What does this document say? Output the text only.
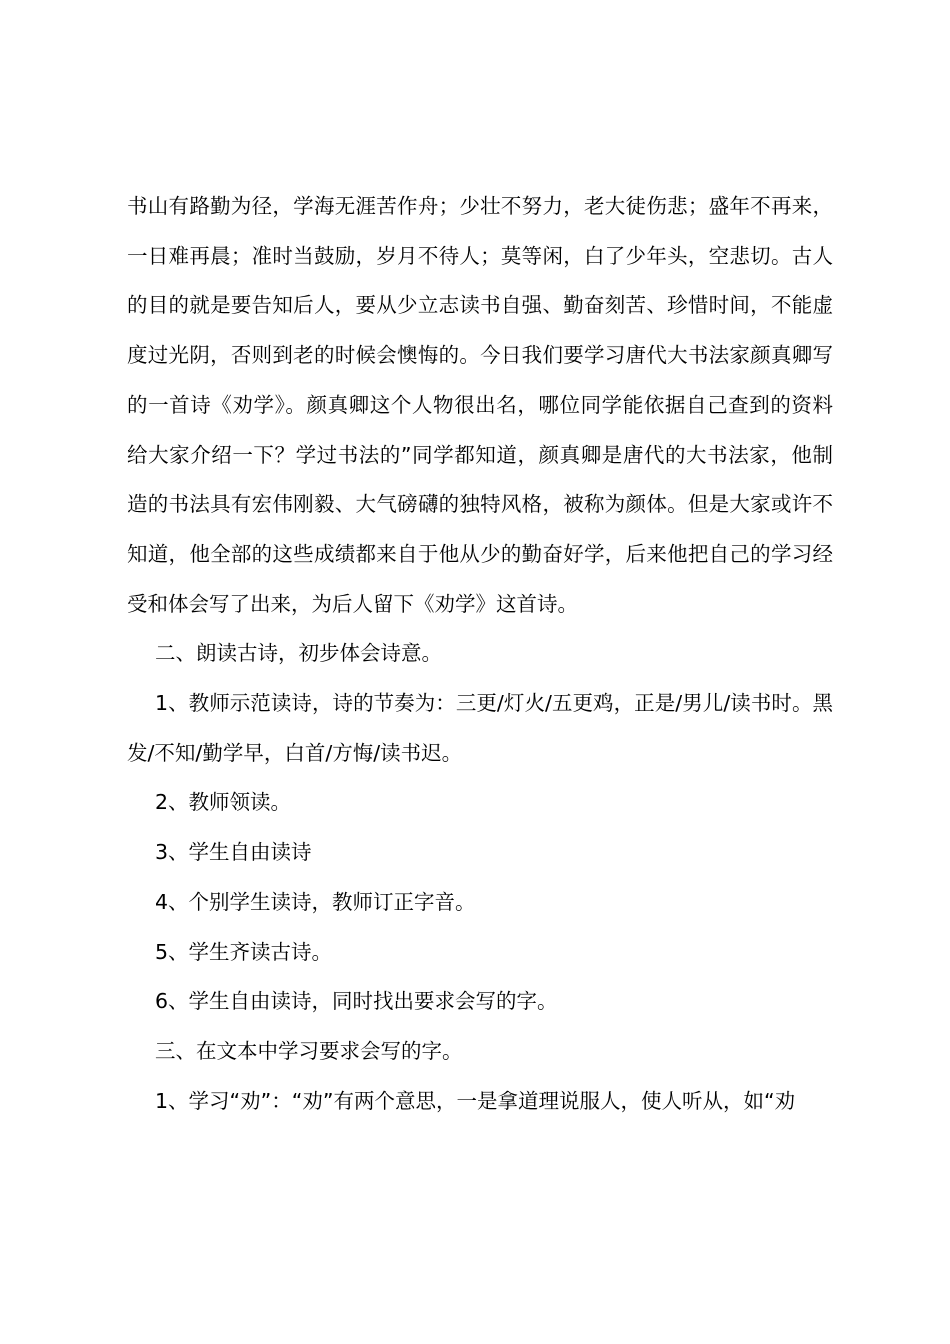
书山有路勤为径，学海无涯苦作舟；少壮不努力，老大徒伤悲；盛年不再来，一日难再晨；准时当鼓励，岁月不待人；莫等闲，白了少年头，空悲切。古人的目的就是要告知后人，要从少立志读书自强、勤奋刻苦、珍惜时间，不能虚度过光阴，否则到老的时候会懊悔的。今日我们要学习唐代大书法家颜真卿写的一首诗《劝学》。颜真卿这个人物很出名，哪位同学能依据自己查到的资料给大家介绍一下？学过书法的”同学都知道，颜真卿是唐代的大书法家，他制造的书法具有宏伟刚毅、大气磅礴的独特风格，被称为颜体。但是大家或许不知道，他全部的这些成绩都来自于他从少的勤奋好学，后来他把自己的学习经受和体会写了出来，为后人留下《劝学》这首诗。

二、朗读古诗，初步体会诗意。

1、教师示范读诗，诗的节奏为：三更/灯火/五更鸡，正是/男儿/读书时。黑发/不知/勤学早，白首/方悔/读书迟。

2、教师领读。

3、学生自由读诗

4、个别学生读诗，教师订正字音。

5、学生齐读古诗。

6、学生自由读诗，同时找出要求会写的字。

三、在文本中学习要求会写的字。

1、学习“劝”：“劝”有两个意思，一是拿道理说服人，使人听从，如“劝
